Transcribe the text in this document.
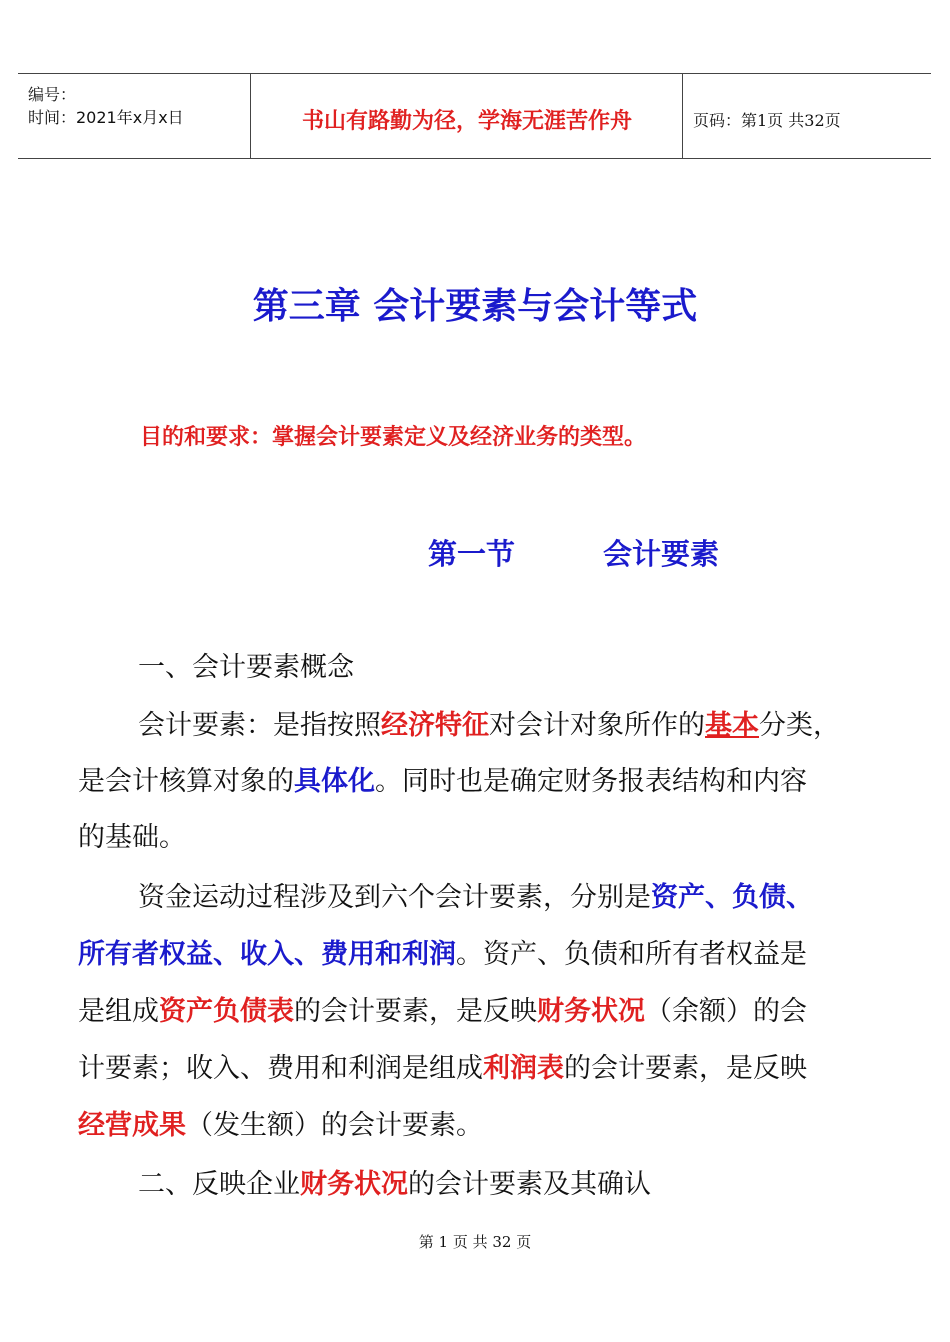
编号：
时间：2021年x月x日	书山有路勤为径，学海无涯苦作舟	页码：第1页 共32页
第三章 会计要素与会计等式
目的和要求：掌握会计要素定义及经济业务的类型。
第一节	会计要素
一、会计要素概念
会计要素：是指按照经济特征对会计对象所作的基本分类，
是会计核算对象的具体化。同时也是确定财务报表结构和内容
的基础。
资金运动过程涉及到六个会计要素，分别是资产、负债、
所有者权益、收入、费用和利润。资产、负债和所有者权益是
是组成资产负债表的会计要素，是反映财务状况（余额）的会
计要素；收入、费用和利润是组成利润表的会计要素，是反映
经营成果（发生额）的会计要素。
二、反映企业财务状况的会计要素及其确认
第 1 页 共 32 页
